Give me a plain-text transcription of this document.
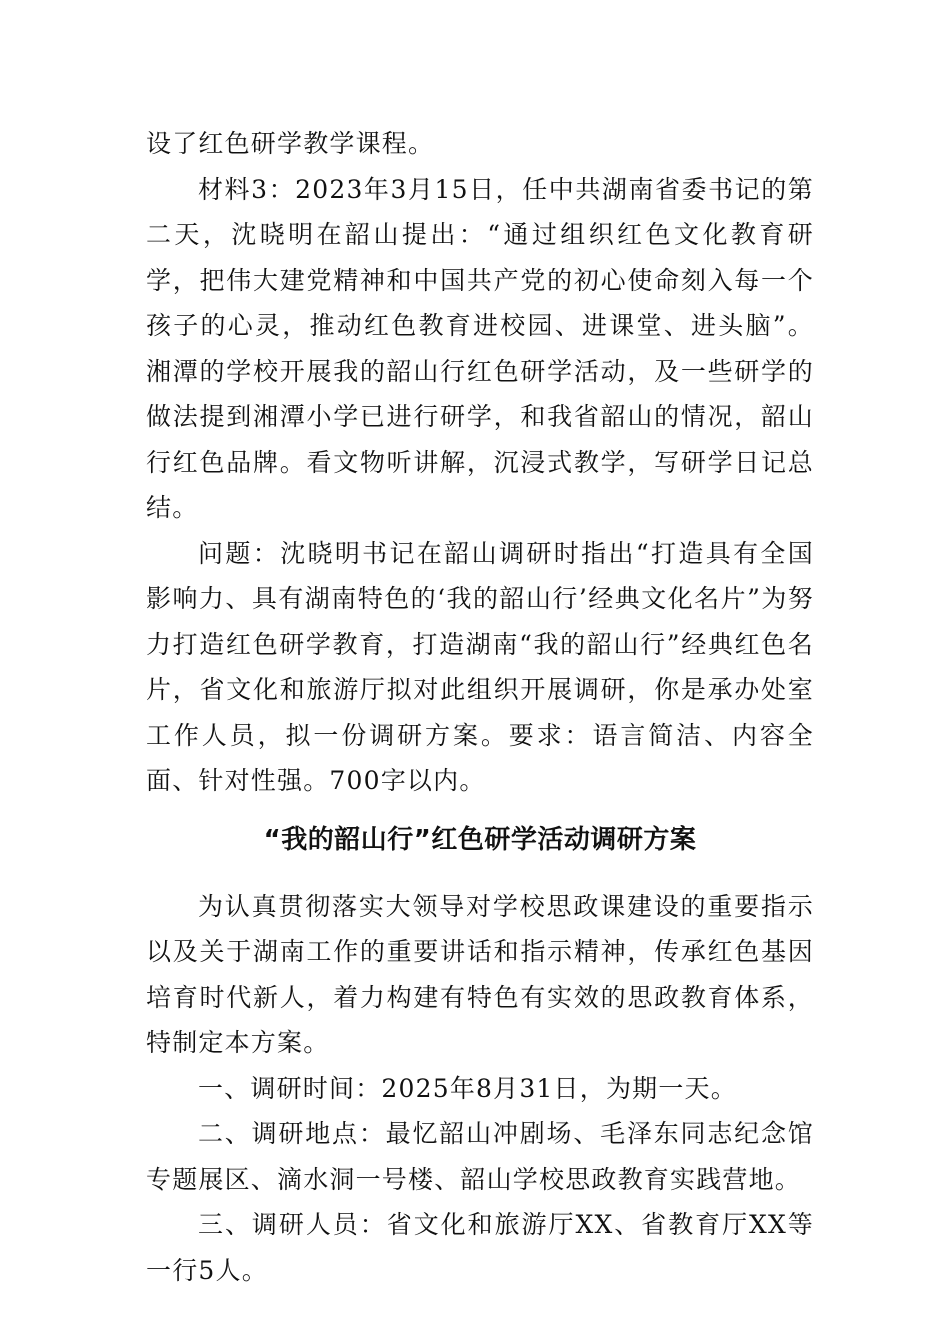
设了红色研学教学课程。

材料3：2023年3月15日，任中共湖南省委书记的第二天，沈晓明在韶山提出：“通过组织红色文化教育研学，把伟大建党精神和中国共产党的初心使命刻入每一个孩子的心灵，推动红色教育进校园、进课堂、进头脑”。湘潭的学校开展我的韶山行红色研学活动，及一些研学的做法提到湘潭小学已进行研学，和我省韶山的情况，韶山行红色品牌。看文物听讲解，沉浸式教学，写研学日记总结。

问题：沈晓明书记在韶山调研时指出“打造具有全国影响力、具有湖南特色的‘我的韶山行’经典文化名片”为努力打造红色研学教育，打造湖南“我的韶山行”经典红色名片，省文化和旅游厅拟对此组织开展调研，你是承办处室工作人员，拟一份调研方案。要求：语言简洁、内容全面、针对性强。700字以内。

“我的韶山行”红色研学活动调研方案

为认真贯彻落实大领导对学校思政课建设的重要指示以及关于湖南工作的重要讲话和指示精神，传承红色基因培育时代新人，着力构建有特色有实效的思政教育体系，特制定本方案。

一、调研时间：2025年8月31日，为期一天。

二、调研地点：最忆韶山冲剧场、毛泽东同志纪念馆专题展区、滴水洞一号楼、韶山学校思政教育实践营地。

三、调研人员：省文化和旅游厅XX、省教育厅XX等一行5人。
